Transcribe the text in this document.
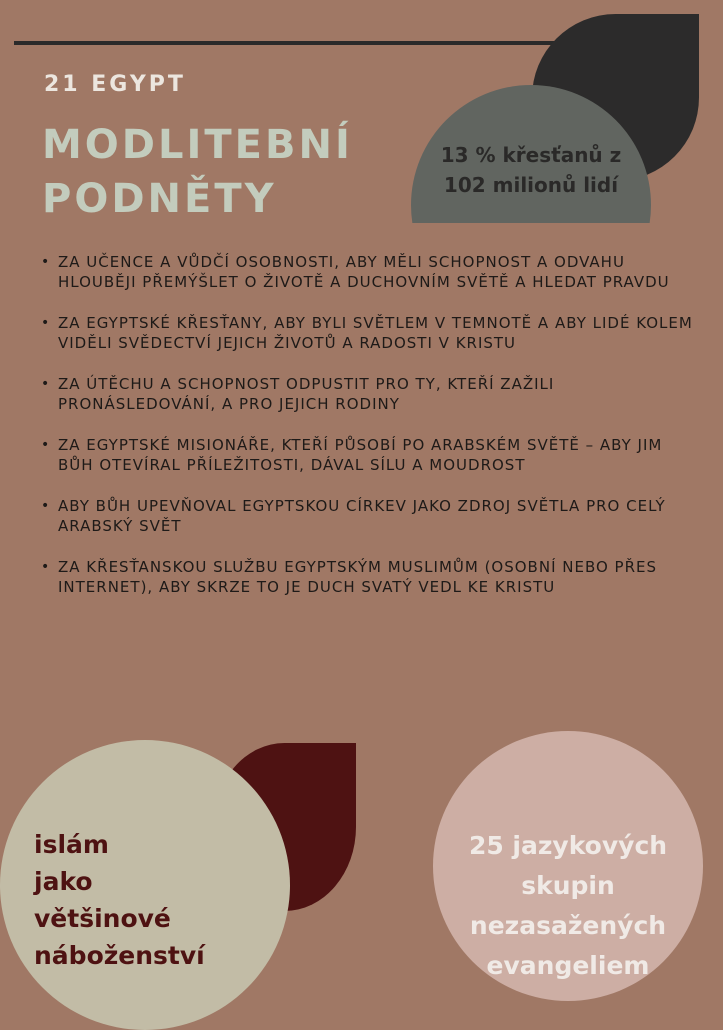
13 % křesťanů z
102 milionů lidí
21 EGYPT
MODLITEBNÍ
PODNĚTY
• ZA UČENCE A VŮDČÍ OSOBNOSTI, ABY MĚLI SCHOPNOST A ODVAHU HLOUBĚJI PŘEMÝŠLET O ŽIVOTĚ A DUCHOVNÍM SVĚTĚ A HLEDAT PRAVDU
• ZA EGYPTSKÉ KŘESŤANY, ABY BYLI SVĚTLEM V TEMNOTĚ A ABY LIDÉ KOLEM VIDĚLI SVĚDECTVÍ JEJICH ŽIVOTŮ A RADOSTI V KRISTU
• ZA ÚTĚCHU A SCHOPNOST ODPUSTIT PRO TY, KTEŘÍ ZAŽILI PRONÁSLEDOVÁNÍ, A PRO JEJICH RODINY
• ZA EGYPTSKÉ MISIONÁŘE, KTEŘÍ PŮSOBÍ PO ARABSKÉM SVĚTĚ – ABY JIM BŮH OTEVÍRAL PŘÍLEŽITOSTI, DÁVAL SÍLU A MOUDROST
• ABY BŮH UPEVŇOVAL EGYPTSKOU CÍRKEV JAKO ZDROJ SVĚTLA PRO CELÝ ARABSKÝ SVĚT
• ZA KŘESŤANSKOU SLUŽBU EGYPTSKÝM MUSLIMŮM (OSOBNÍ NEBO PŘES INTERNET), ABY SKRZE TO JE DUCH SVATÝ VEDL KE KRISTU
islám
jako
většinové
náboženství
25 jazykových
skupin
nezasažených
evangeliem
